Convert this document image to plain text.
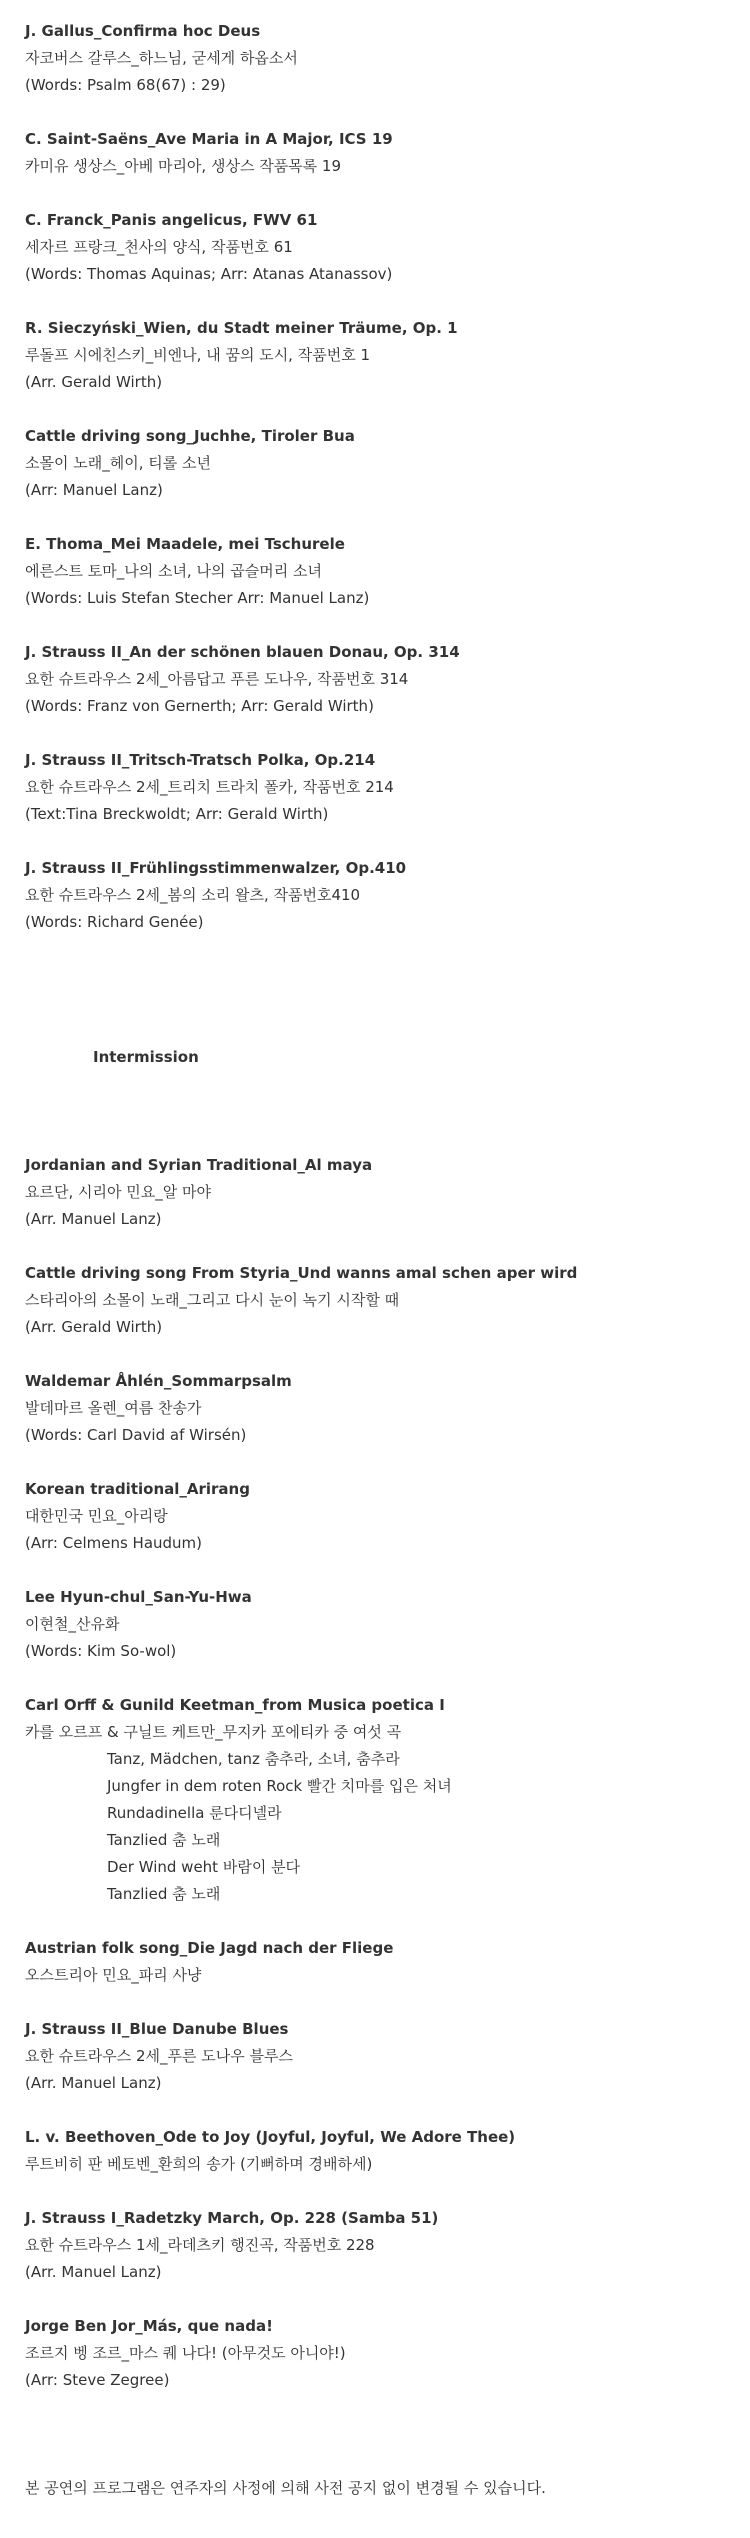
J. Gallus_Confirma hoc Deus
자코버스 갈루스_하느님, 굳세게 하옵소서
(Words: Psalm 68(67) : 29)
C. Saint-Saëns_Ave Maria in A Major, ICS 19
카미유 생상스_아베 마리아, 생상스 작품목록 19
C. Franck_Panis angelicus, FWV 61
세자르 프랑크_천사의 양식, 작품번호 61
(Words: Thomas Aquinas; Arr: Atanas Atanassov)
R. Sieczyński_Wien, du Stadt meiner Träume, Op. 1
루돌프 시에친스키_비엔나, 내 꿈의 도시, 작품번호 1
(Arr. Gerald Wirth)
Cattle driving song_Juchhe, Tiroler Bua
소몰이 노래_헤이, 티롤 소년
(Arr: Manuel Lanz)
E. Thoma_Mei Maadele, mei Tschurele
에른스트 토마_나의 소녀, 나의 곱슬머리 소녀
(Words: Luis Stefan Stecher Arr: Manuel Lanz)
J. Strauss II_An der schönen blauen Donau, Op. 314
요한 슈트라우스 2세_아름답고 푸른 도나우, 작품번호 314
(Words: Franz von Gernerth; Arr: Gerald Wirth)
J. Strauss II_Tritsch-Tratsch Polka, Op.214
요한 슈트라우스 2세_트리치 트라치 폴카, 작품번호 214
(Text:Tina Breckwoldt; Arr: Gerald Wirth)
J. Strauss II_Frühlingsstimmenwalzer, Op.410
요한 슈트라우스 2세_봄의 소리 왈츠, 작품번호410
(Words: Richard Genée)
Intermission
Jordanian and Syrian Traditional_Al maya
요르단, 시리아 민요_알 마야
(Arr. Manuel Lanz)
Cattle driving song From Styria_Und wanns amal schen aper wird
스타리아의 소몰이 노래_그리고 다시 눈이 녹기 시작할 때
(Arr. Gerald Wirth)
Waldemar Åhlén_Sommarpsalm
발데마르 올렌_여름 찬송가
(Words: Carl David af Wirsén)
Korean traditional_Arirang
대한민국 민요_아리랑
(Arr: Celmens Haudum)
Lee Hyun-chul_San-Yu-Hwa
이현철_산유화
(Words: Kim So-wol)
Carl Orff & Gunild Keetman_from Musica poetica I
카를 오르프 & 구닐트 케트만_무지카 포에티카 중 여섯 곡
Tanz, Mädchen, tanz 춤추라, 소녀, 춤추라
Jungfer in dem roten Rock 빨간 치마를 입은 처녀
Rundadinella 룬다디넬라
Tanzlied 춤 노래
Der Wind weht 바람이 분다
Tanzlied 춤 노래
Austrian folk song_Die Jagd nach der Fliege
오스트리아 민요_파리 사냥
J. Strauss II_Blue Danube Blues
요한 슈트라우스 2세_푸른 도나우 블루스
(Arr. Manuel Lanz)
L. v. Beethoven_Ode to Joy (Joyful, Joyful, We Adore Thee)
루트비히 판 베토벤_환희의 송가 (기뻐하며 경배하세)
J. Strauss I_Radetzky March, Op. 228 (Samba 51)
요한 슈트라우스 1세_라데츠키 행진곡, 작품번호 228
(Arr. Manuel Lanz)
Jorge Ben Jor_Más, que nada!
조르지 벵 조르_마스 퀘 나다! (아무것도 아니야!)
(Arr: Steve Zegree)
본 공연의 프로그램은 연주자의 사정에 의해 사전 공지 없이 변경될 수 있습니다.
